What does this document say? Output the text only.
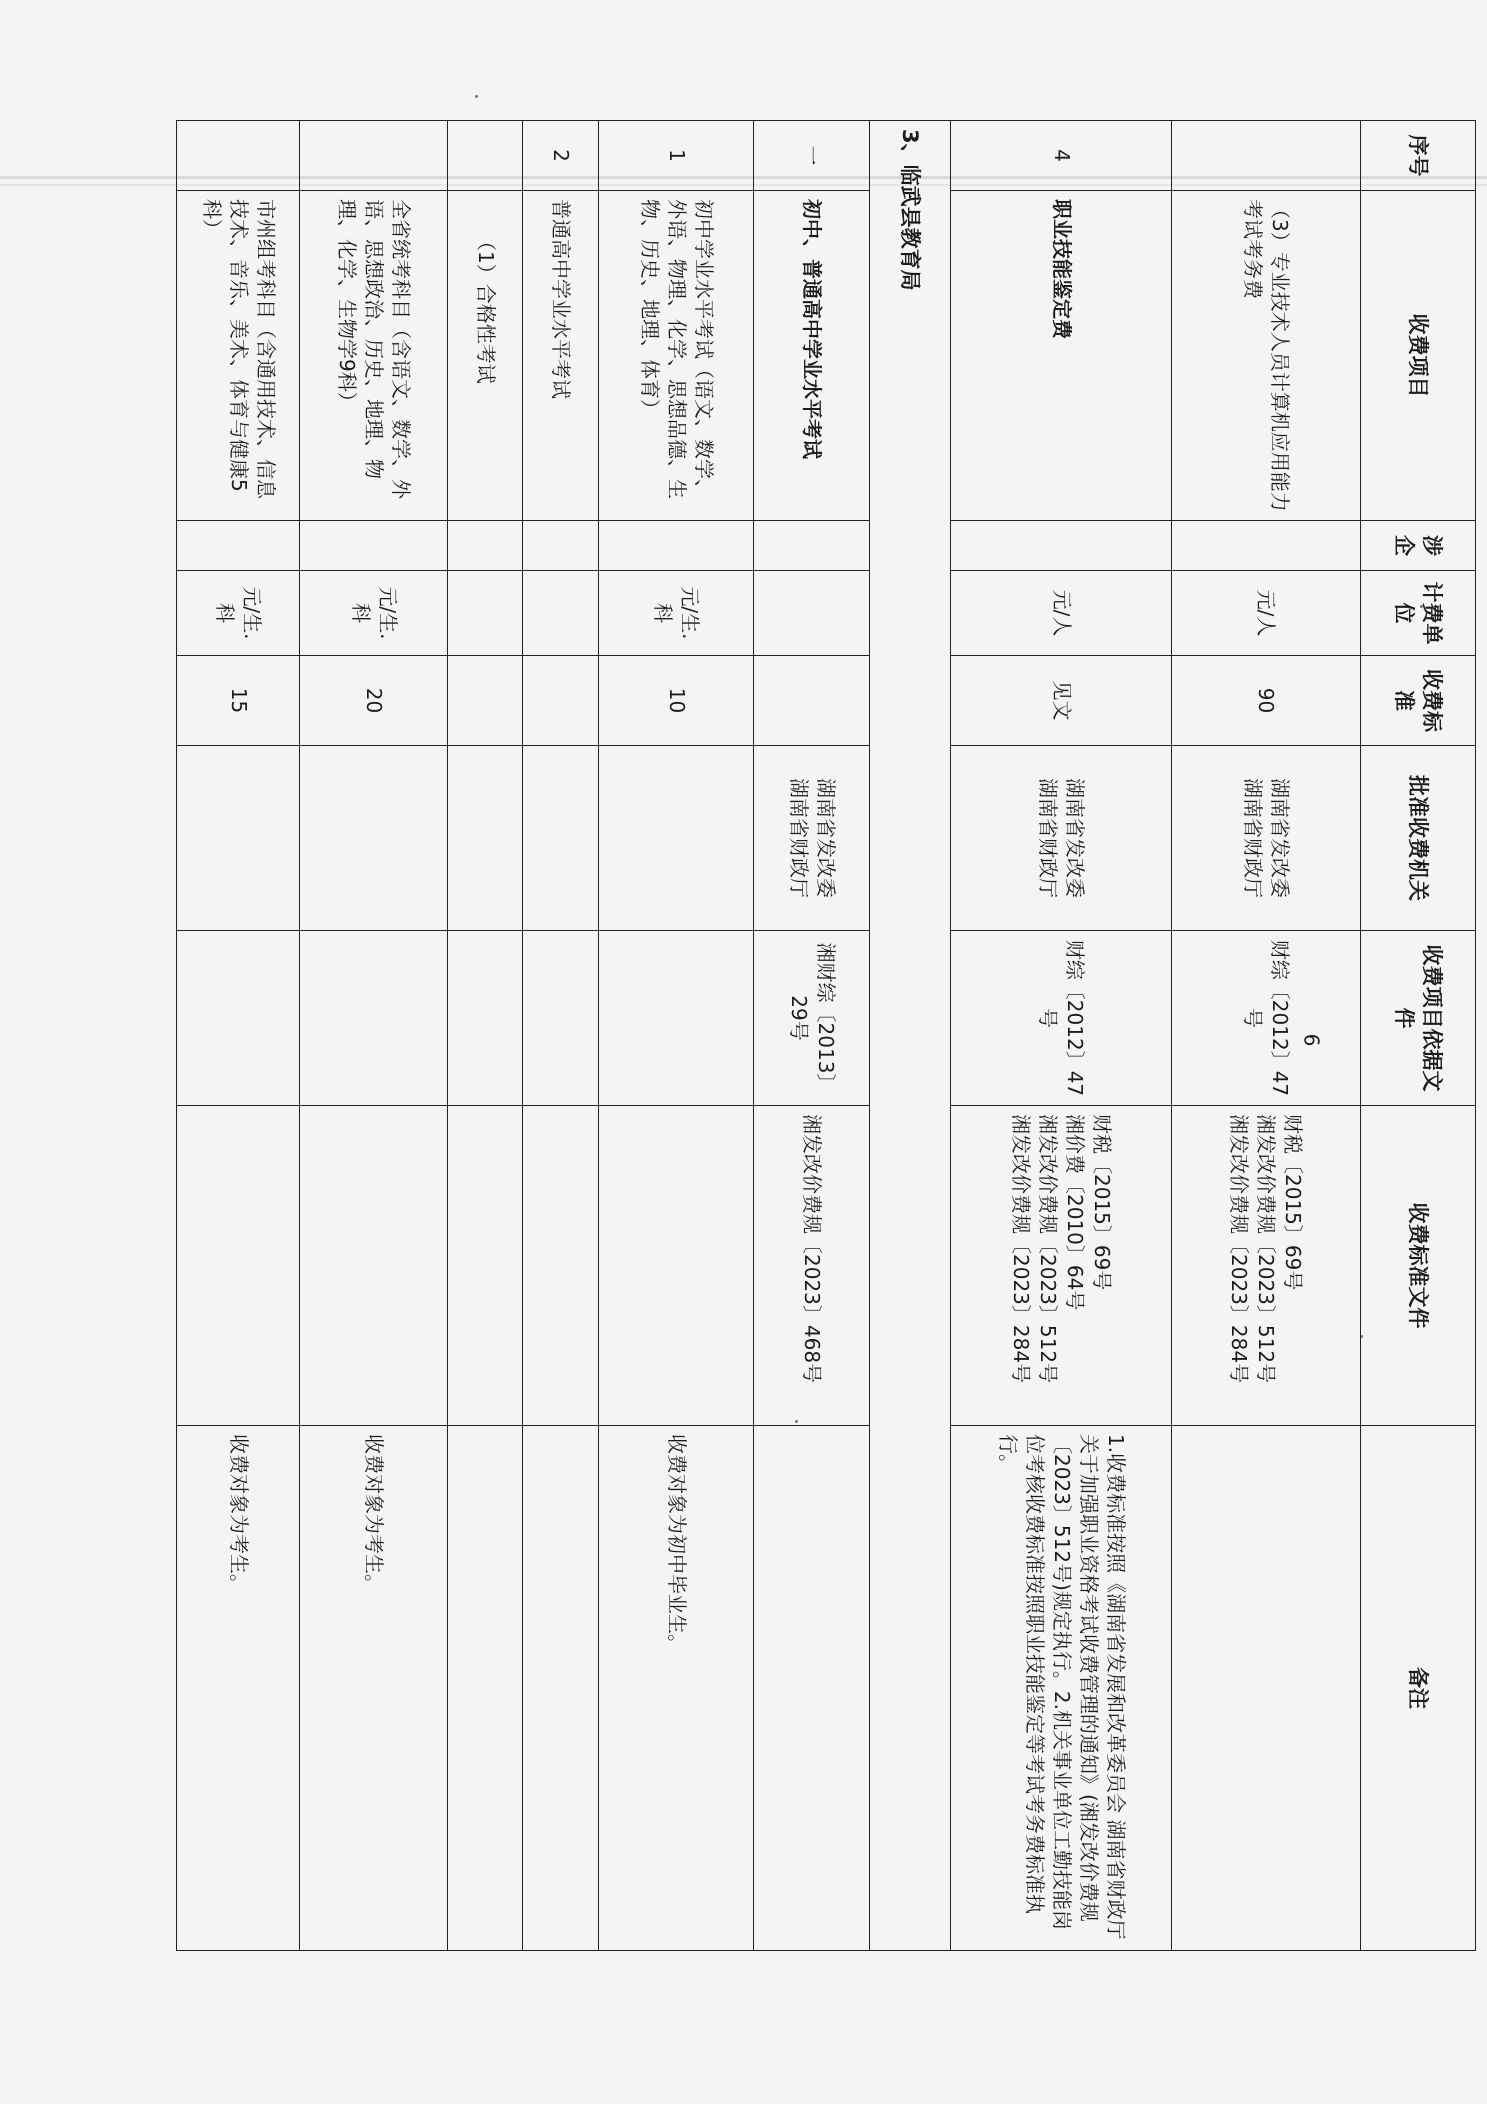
序号	收费项目	涉企	计费单位	收费标准	批准收费机关	收费项目依据文件	收费标准文件	备注
	（3）专业技术人员计算机应用能力考试考务费		元/人	90	湖南省发改委
湖南省财政厅	财综〔2012〕47号	财税〔2015〕69号
湘发改价费规〔2023〕512号
湘发改价费规〔2023〕284号	
4	职业技能鉴定费		元/人	见文	湖南省发改委
湖南省财政厅	财综〔2012〕47号	财税〔2015〕69号
湘价费〔2010〕64号
湘发改价费规〔2023〕512号
湘发改价费规〔2023〕284号	1.收费标准按照《湖南省发展和改革委员会 湖南省财政厅关于加强职业资格考试收费管理的通知》(湘发改价费规〔2023〕512号)规定执行。2.机关事业单位工勤技能岗位考核收费标准按照职业技能鉴定等考试考务费标准执行。
3、临武县教育局								
一	初中、普通高中学业水平考试				湖南省发改委
湖南省财政厅	湘财综〔2013〕29号	湘发改价费规〔2023〕468号	
1	初中学业水平考试（语文、数学、外语、物理、化学、思想品德、生物、历史、地理、体育）		元/生.科	10				收费对象为初中毕业生。
2	普通高中学业水平考试							
	（1）合格性考试							
	全省统考科目（含语文、数学、外语、思想政治、历史、地理、物理、化学、生物学9科）		元/生.科	20				收费对象为考生。
	市州组考科目（含通用技术、信息技术、音乐、美术、体育与健康5科）		元/生.科	15				收费对象为考生。
6
